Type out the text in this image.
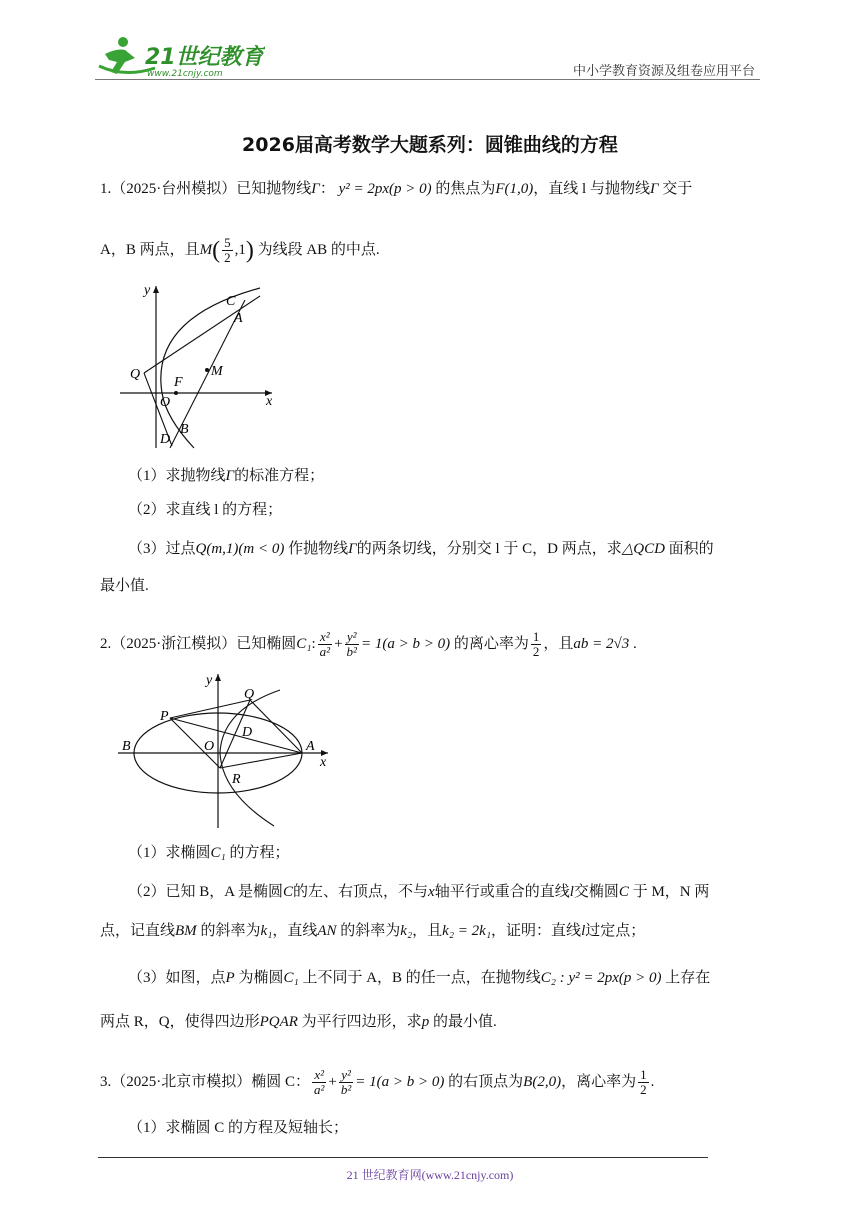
21世纪教育
www.21cnjy.com	中小学教育资源及组卷应用平台
2026届高考数学大题系列：圆锥曲线的方程
1.（2025·台州模拟）已知抛物线Γ： y² = 2px(p > 0) 的焦点为F(1,0)，直线 l 与抛物线Γ 交于
A，B 两点，且$M( \frac{5}{2} ,1)$ 为线段 AB 的中点.
y
C
A
Q
F
M
O	x
D
B
（1）求抛物线Γ的标准方程；
（2）求直线 l 的方程；
（3）过点Q(m,1)(m < 0) 作抛物线Γ的两条切线，分别交 l 于 C，D 两点，求△QCD 面积的
最小值.
2.（2025·浙江模拟）已知椭圆C₁: $\frac{\text{x²}}{\text{a²}} + \frac{\text{y²}}{\text{b²}} = 1(a > b > 0)$ 的离心率为 $\frac{1}{2}$ ，且ab = 2√3 .
y
Q
P
D
B	O	A
x
R
（1）求椭圆C₁ 的方程；
（2）已知 B，A 是椭圆C的左、右顶点，不与x轴平行或重合的直线l交椭圆C 于 M，N 两
点，记直线BM 的斜率为k₁，直线AN 的斜率为k₂，且k₂ = 2k₁，证明：直线l过定点；
（3）如图，点P 为椭圆C₁ 上不同于 A，B 的任一点，在抛物线C₂ : y² = 2px(p > 0) 上存在
两点 R，Q，使得四边形PQAR 为平行四边形，求p 的最小值.
3.（2025·北京市模拟）椭圆 C： $\frac{\text{x²}}{\text{a²}} + \frac{\text{y²}}{\text{b²}} = 1(a > b > 0)$ 的右顶点为B(2,0)，离心率为 $\frac{1}{2}$ .
（1）求椭圆 C 的方程及短轴长；
21 世纪教育网(www.21cnjy.com)
